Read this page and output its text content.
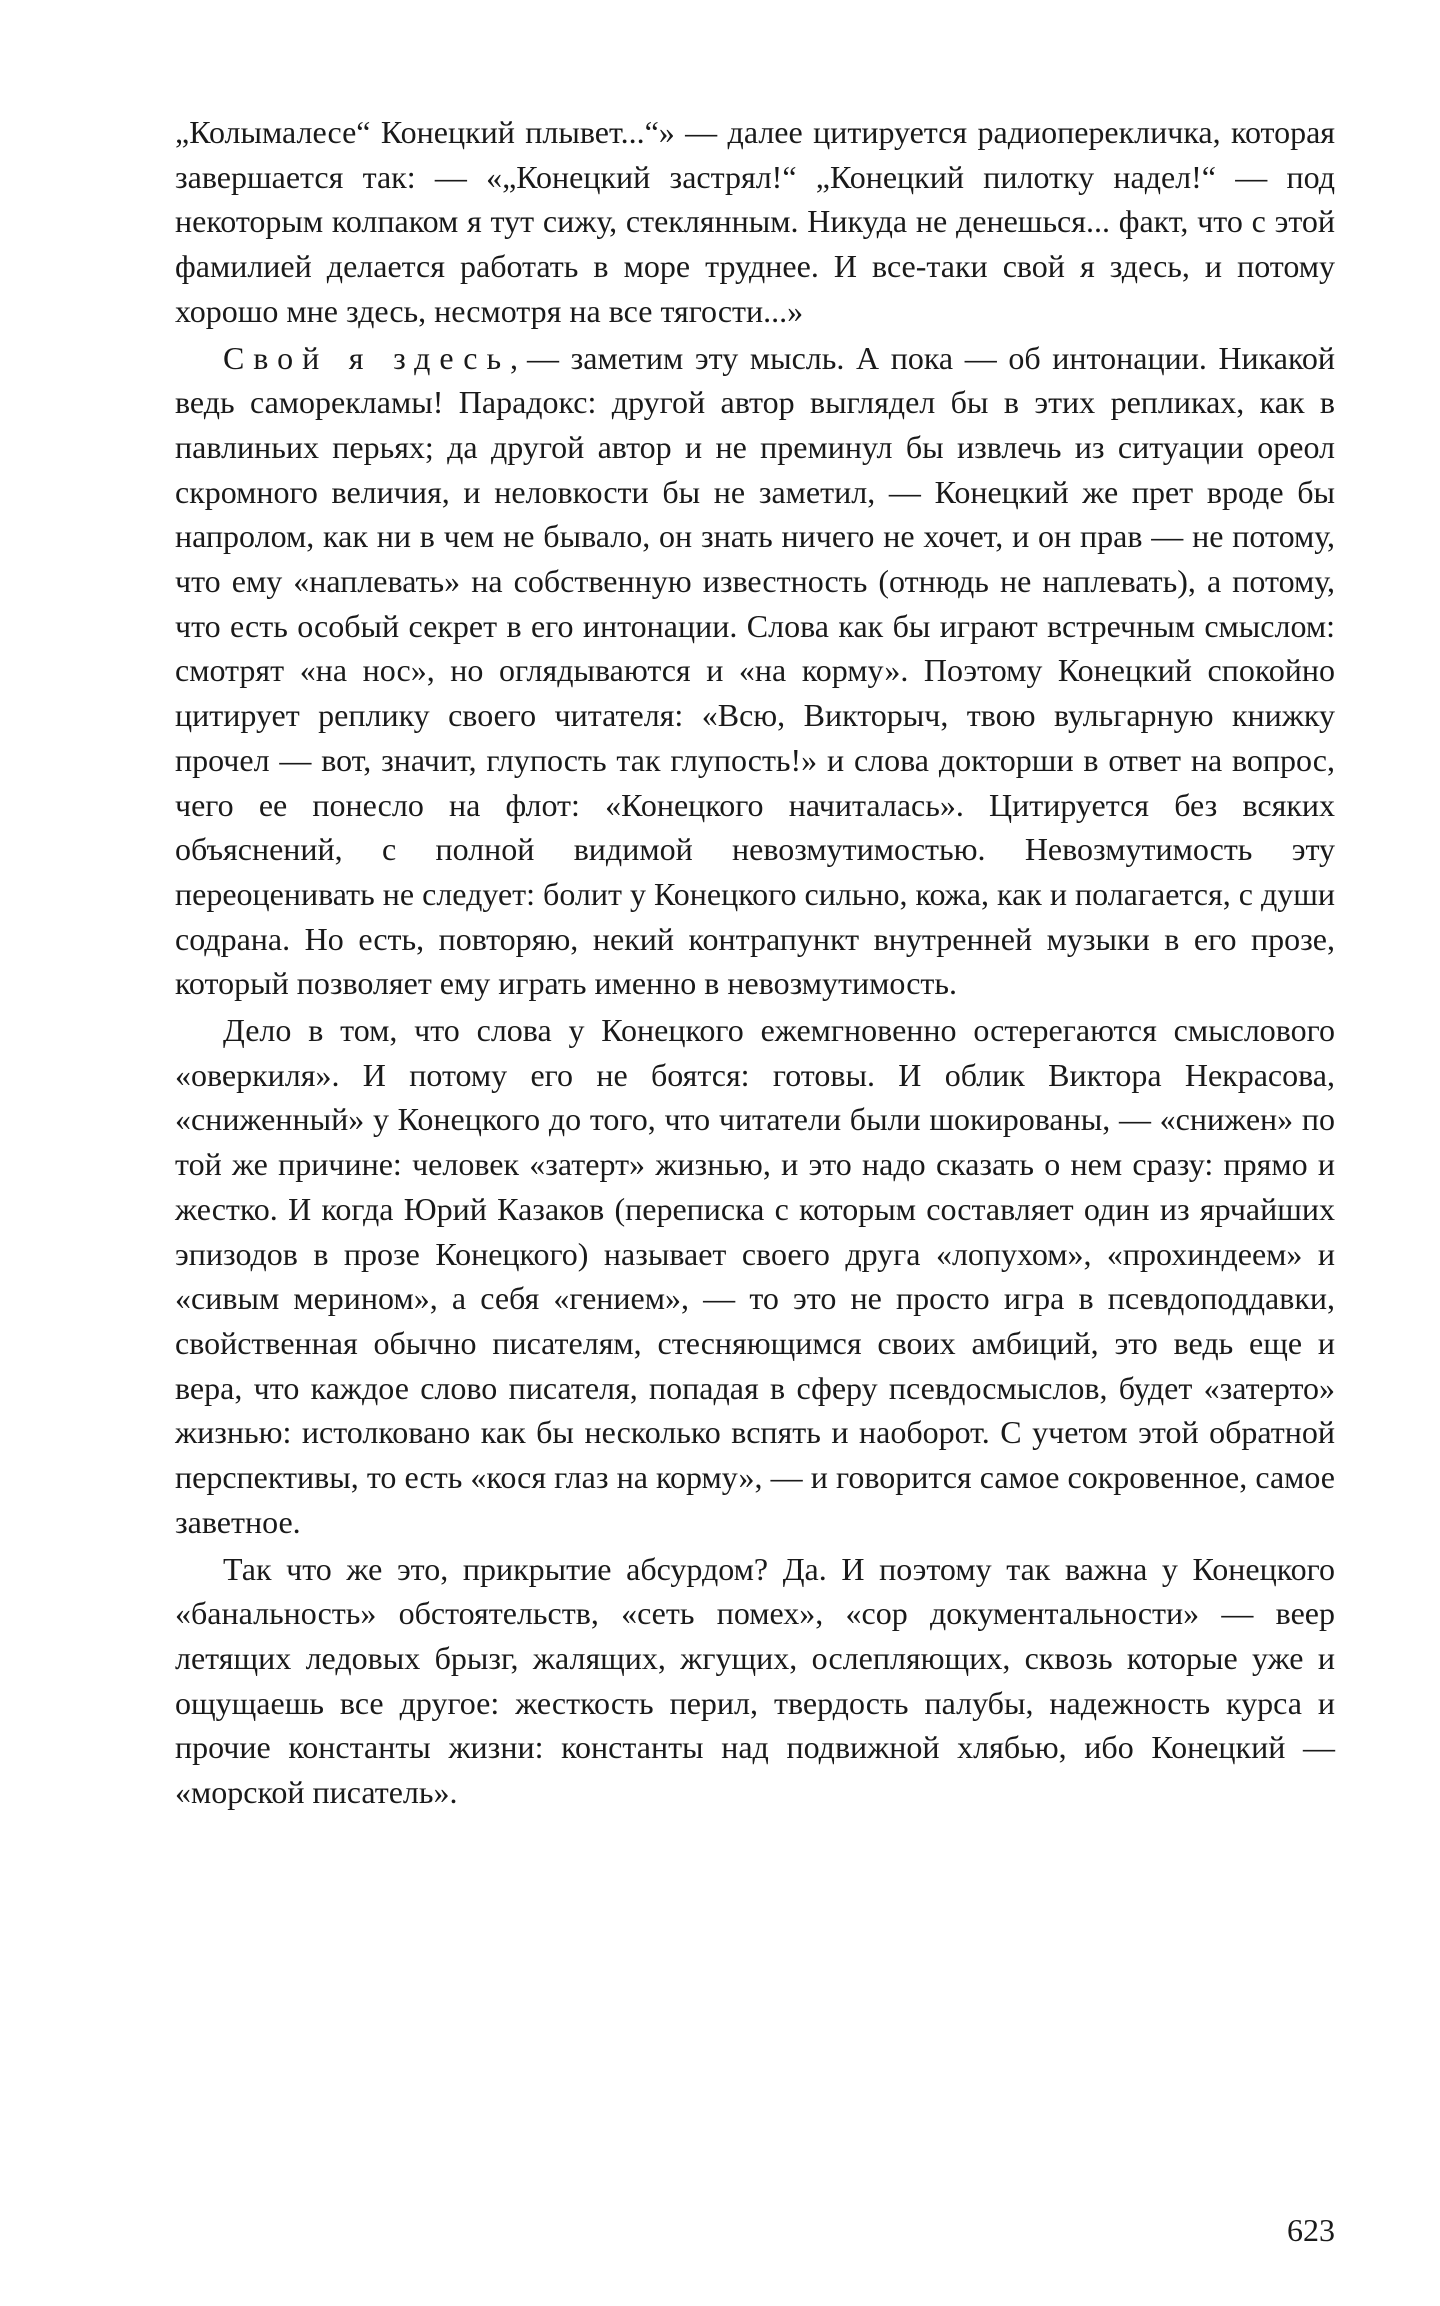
„Колымалесе“ Конецкий плывет...“» — далее цитируется радиоперекличка, которая завершается так: — «„Конецкий застрял!“ „Конецкий пилотку надел!“ — под некоторым колпаком я тут сижу, стеклянным. Никуда не денешься... факт, что с этой фамилией делается работать в море труднее. И все-таки свой я здесь, и потому хорошо мне здесь, несмотря на все тягости...»

Свой я здесь,— заметим эту мысль. А пока — об интонации. Никакой ведь саморекламы! Парадокс: другой автор выглядел бы в этих репликах, как в павлиньих перьях; да другой автор и не преминул бы извлечь из ситуации ореол скромного величия, и неловкости бы не заметил, — Конецкий же прет вроде бы напролом, как ни в чем не бывало, он знать ничего не хочет, и он прав — не потому, что ему «наплевать» на собственную известность (отнюдь не наплевать), а потому, что есть особый секрет в его интонации. Слова как бы играют встречным смыслом: смотрят «на нос», но оглядываются и «на корму». Поэтому Конецкий спокойно цитирует реплику своего читателя: «Всю, Викторыч, твою вульгарную книжку прочел — вот, значит, глупость так глупость!» и слова докторши в ответ на вопрос, чего ее понесло на флот: «Конецкого начиталась». Цитируется без всяких объяснений, с полной видимой невозмутимостью. Невозмутимость эту переоценивать не следует: болит у Конецкого сильно, кожа, как и полагается, с души содрана. Но есть, повторяю, некий контрапункт внутренней музыки в его прозе, который позволяет ему играть именно в невозмутимость.

Дело в том, что слова у Конецкого ежемгновенно остерегаются смыслового «оверкиля». И потому его не боятся: готовы. И облик Виктора Некрасова, «сниженный» у Конецкого до того, что читатели были шокированы, — «снижен» по той же причине: человек «затерт» жизнью, и это надо сказать о нем сразу: прямо и жестко. И когда Юрий Казаков (переписка с которым составляет один из ярчайших эпизодов в прозе Конецкого) называет своего друга «лопухом», «прохиндеем» и «сивым мерином», а себя «гением», — то это не просто игра в псевдоподдавки, свойственная обычно писателям, стесняющимся своих амбиций, это ведь еще и вера, что каждое слово писателя, попадая в сферу псевдосмыслов, будет «затерто» жизнью: истолковано как бы несколько вспять и наоборот. С учетом этой обратной перспективы, то есть «кося глаз на корму», — и говорится самое сокровенное, самое заветное.

Так что же это, прикрытие абсурдом? Да. И поэтому так важна у Конецкого «банальность» обстоятельств, «сеть помех», «сор документальности» — веер летящих ледовых брызг, жалящих, жгущих, ослепляющих, сквозь которые уже и ощущаешь все другое: жесткость перил, твердость палубы, надежность курса и прочие константы жизни: константы над подвижной хлябью, ибо Конецкий — «морской писатель».

623
